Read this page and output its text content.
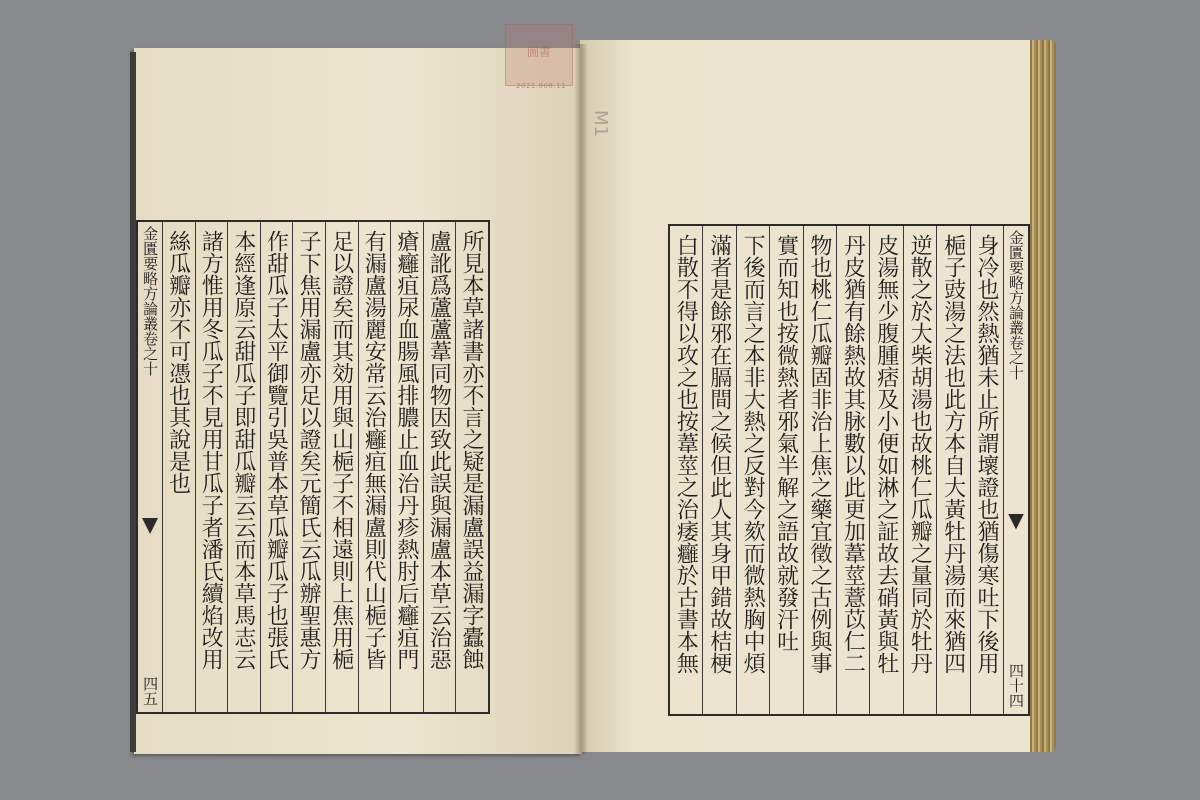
圖書
2021.008.11
M1
所見本草諸書亦不言之疑是漏盧誤益漏字蠹蝕
盧訛爲蘆蘆葦同物因致此誤與漏盧本草云治惡
瘡癰疽尿血腸風排膿止血治丹疹熱肘后癰疽門
有漏盧湯麗安常云治癰疽無漏盧則代山梔子皆
足以證矣而其効用與山梔子不相遠則上焦用梔
子下焦用漏盧亦足以證矣元簡氏云瓜辦聖惠方
作甜瓜子太平御覽引吳普本草瓜瓣瓜子也張氏
本經逢原云甜瓜子即甜瓜瓣云云而本草馬志云
諸方惟用冬瓜子不見用甘瓜子者潘氏續焰改用
絲瓜瓣亦不可憑也其說是也
金匱要略方論叢卷之十
四五
金匱要略方論叢卷之十
四十四
身冷也然熱猶未止所謂壞證也猶傷寒吐下後用
梔子豉湯之法也此方本自大黃牡丹湯而來猶四
逆散之於大柴胡湯也故桃仁瓜瓣之量同於牡丹
皮湯無少腹腫痞及小便如淋之証故去硝黃與牡
丹皮猶有餘熱故其脉數以此更加葦莖薏苡仁二
物也桃仁瓜瓣固非治上焦之藥宜徵之古例與事
實而知也按微熱者邪氣半解之語故就發汗吐
下後而言之本非大熱之反對今欬而微熱胸中煩
滿者是餘邪在膈間之候但此人其身甲錯故桔梗
白散不得以攻之也按葦莖之治痿癰於古書本無
